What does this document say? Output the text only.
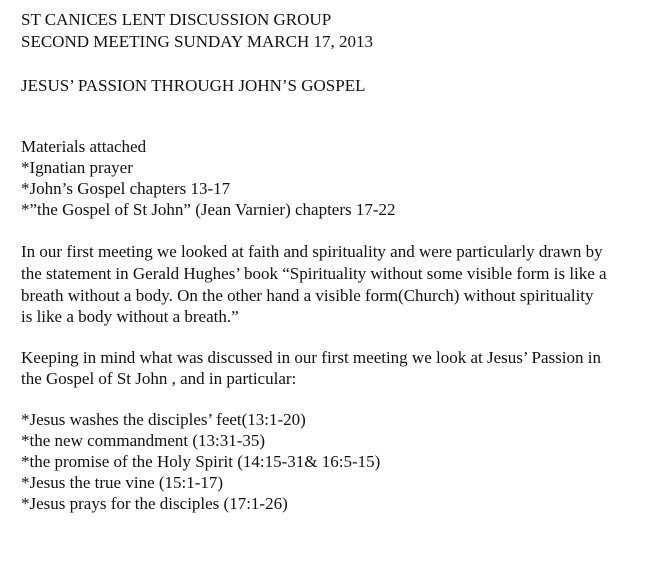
ST CANICES LENT DISCUSSION GROUP
SECOND MEETING SUNDAY MARCH 17, 2013
JESUS’ PASSION THROUGH JOHN’S GOSPEL
Materials attached
*Ignatian prayer
*John’s Gospel chapters 13-17
*”the Gospel of St John” (Jean Varnier) chapters 17-22
In our first meeting we looked at faith and spirituality and were particularly drawn by
the statement in Gerald Hughes’ book “Spirituality without some visible form is like a
breath without a body. On the other hand a visible form(Church) without spirituality
is like a body without a breath.”
Keeping in mind what was discussed in our first meeting we look at Jesus’ Passion in
the Gospel of St John , and in particular:
*Jesus washes the disciples’ feet(13:1-20)
*the new commandment (13:31-35)
*the promise of the Holy Spirit (14:15-31& 16:5-15)
*Jesus the true vine (15:1-17)
*Jesus prays for the disciples (17:1-26)
